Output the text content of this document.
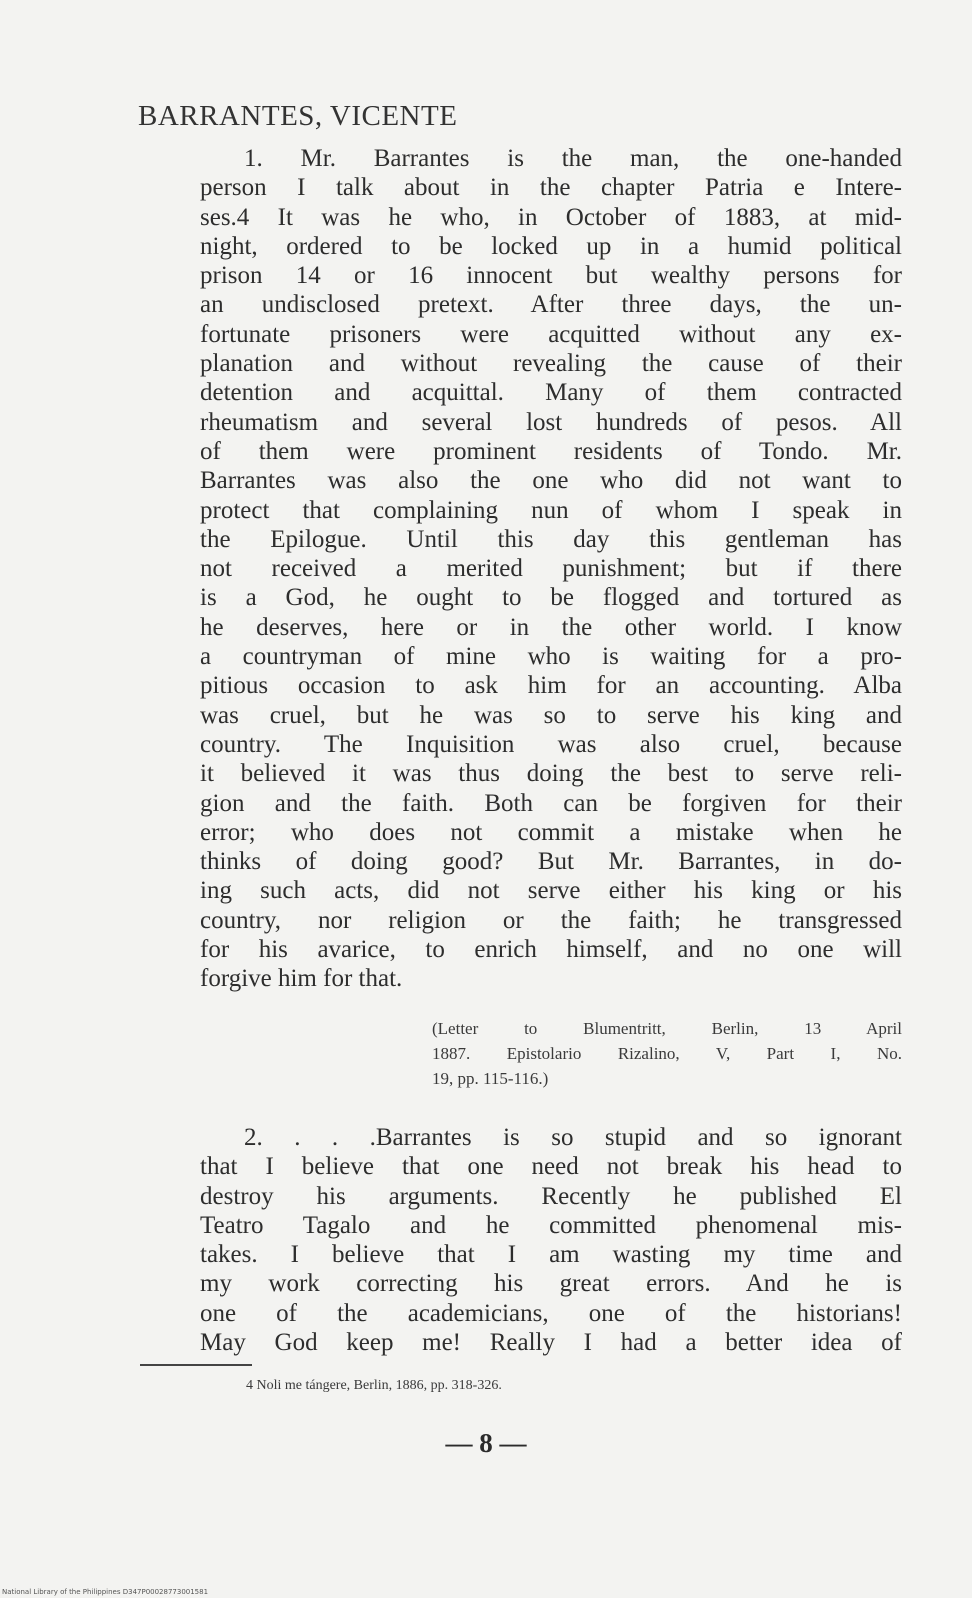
BARRANTES, VICENTE
1. Mr. Barrantes is the man, the one-handed
person I talk about in the chapter Patria e Intere-
ses.4 It was he who, in October of 1883, at mid-
night, ordered to be locked up in a humid political
prison 14 or 16 innocent but wealthy persons for
an undisclosed pretext. After three days, the un-
fortunate prisoners were acquitted without any ex-
planation and without revealing the cause of their
detention and acquittal. Many of them contracted
rheumatism and several lost hundreds of pesos. All
of them were prominent residents of Tondo. Mr.
Barrantes was also the one who did not want to
protect that complaining nun of whom I speak in
the Epilogue. Until this day this gentleman has
not received a merited punishment; but if there
is a God, he ought to be flogged and tortured as
he deserves, here or in the other world. I know
a countryman of mine who is waiting for a pro-
pitious occasion to ask him for an accounting. Alba
was cruel, but he was so to serve his king and
country. The Inquisition was also cruel, because
it believed it was thus doing the best to serve reli-
gion and the faith. Both can be forgiven for their
error; who does not commit a mistake when he
thinks of doing good? But Mr. Barrantes, in do-
ing such acts, did not serve either his king or his
country, nor religion or the faith; he transgressed
for his avarice, to enrich himself, and no one will
forgive him for that.
(Letter to Blumentritt, Berlin, 13 April
1887. Epistolario Rizalino, V, Part I, No.
19, pp. 115-116.)
2. . . .Barrantes is so stupid and so ignorant
that I believe that one need not break his head to
destroy his arguments. Recently he published El
Teatro Tagalo and he committed phenomenal mis-
takes. I believe that I am wasting my time and
my work correcting his great errors. And he is
one of the academicians, one of the historians!
May God keep me! Really I had a better idea of
4 Noli me tángere, Berlin, 1886, pp. 318-326.
— 8 —
National Library of the Philippines D347P00028773001581
